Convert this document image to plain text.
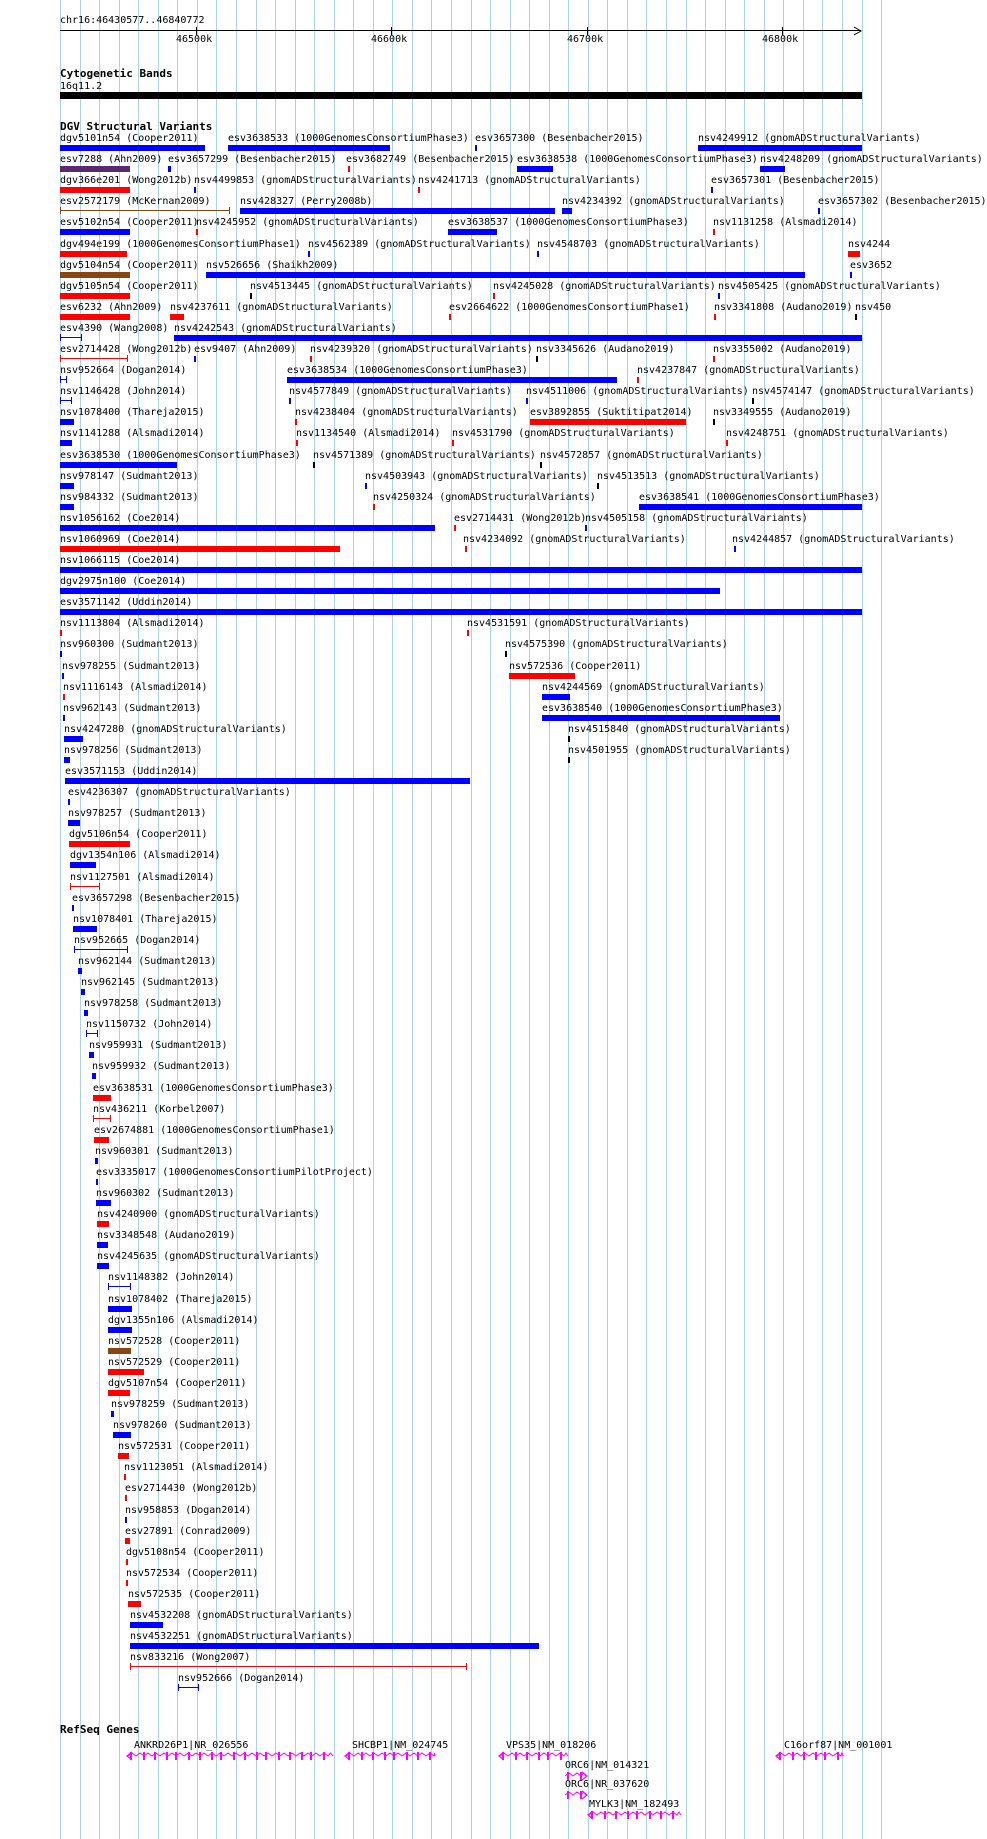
chr16:46430577..46840772
46500k	46600k	46700k	46800k
Cytogenetic Bands
16q11.2
DGV Structural Variants
dgv5101n54 (Cooper2011)	esv3638533 (1000GenomesConsortiumPhase3) esv3657300 (Besenbacher2015)	nsv4249912 (gnomADStructuralVariants)
esv7288 (Ahn2009) esv3657299 (Besenbacher2015) esv3682749 (Besenbacher2015) esv3638538 (1000GenomesConsortiumPhase3) nsv4248209 (gnomADStructuralVariants)
dgv366e201 (Wong2012b) nsv4499853 (gnomADStructuralVariants) nsv4241713 (gnomADStructuralVariants)	esv3657301 (Besenbacher2015)
esv2572179 (McKernan2009)	nsv428327 (Perry2008b)	nsv4234392 (gnomADStructuralVariants)	esv3657302 (Besenbacher2015)
esv5102n54 (Cooper2011)
nsv4245952 (gnomADStructuralVariants)	esv3638537 (1000GenomesConsortiumPhase3) nsv1131258 (Alsmadi2014)
dgv494e199 (1000GenomesConsortiumPhase1) nsv4562389 (gnomADStructuralVariants) nsv4548703 (gnomADStructuralVariants)	nsv4244
dgv5104n54 (Cooper2011) nsv526656 (Shaikh2009)	esv3652
dgv5105n54 (Cooper2011)	nsv4513445 (gnomADStructuralVariants) nsv4245028 (gnomADStructuralVariants) nsv4505425 (gnomADStructuralVariants)
esv6232 (Ahn2009) nsv4237611 (gnomADStructuralVariants)	esv2664622 (1000GenomesConsortiumPhase1) nsv3341808 (Audano2019) nsv450
esv4390 (Wang2008) nsv4242543 (gnomADStructuralVariants)
esv2714428 (Wong2012b) esv9407 (Ahn2009) nsv4239320 (gnomADStructuralVariants) nsv3345626 (Audano2019)	nsv3355002 (Audano2019)
nsv952664 (Dogan2014)	esv3638534 (1000GenomesConsortiumPhase3)	nsv4237847 (gnomADStructuralVariants)
nsv1146428 (John2014)	nsv4577849 (gnomADStructuralVariants) nsv4511006 (gnomADStructuralVariants) nsv4574147 (gnomADStructuralVariants)
nsv1078400 (Thareja2015)	nsv4238404 (gnomADStructuralVariants) esv3892855 (Suktitipat2014) nsv3349555 (Audano2019)
nsv1141288 (Alsmadi2014)	nsv1134540 (Alsmadi2014) nsv4531790 (gnomADStructuralVariants)	nsv4248751 (gnomADStructuralVariants)
esv3638530 (1000GenomesConsortiumPhase3) nsv4571389 (gnomADStructuralVariants) nsv4572857 (gnomADStructuralVariants)
nsv978147 (Sudmant2013)	nsv4503943 (gnomADStructuralVariants) nsv4513513 (gnomADStructuralVariants)
nsv984332 (Sudmant2013)	nsv4250324 (gnomADStructuralVariants)	esv3638541 (1000GenomesConsortiumPhase3)
nsv1056162 (Coe2014)	esv2714431 (Wong2012b)
nsv4505158 (gnomADStructuralVariants)
nsv1060969 (Coe2014)	nsv4234092 (gnomADStructuralVariants)	nsv4244857 (gnomADStructuralVariants)
nsv1066115 (Coe2014)
dgv2975n100 (Coe2014)
esv3571142 (Uddin2014)
nsv1113804 (Alsmadi2014)	nsv4531591 (gnomADStructuralVariants)
nsv960300 (Sudmant2013)	nsv4575390 (gnomADStructuralVariants)
nsv978255 (Sudmant2013)	nsv572536 (Cooper2011)
nsv1116143 (Alsmadi2014)	nsv4244569 (gnomADStructuralVariants)
nsv962143 (Sudmant2013)	esv3638540 (1000GenomesConsortiumPhase3)
nsv4247280 (gnomADStructuralVariants)	nsv4515840 (gnomADStructuralVariants)
nsv978256 (Sudmant2013)	nsv4501955 (gnomADStructuralVariants)
esv3571153 (Uddin2014)
esv4236307 (gnomADStructuralVariants)
nsv978257 (Sudmant2013)
dgv5106n54 (Cooper2011)
dgv1354n106 (Alsmadi2014)
nsv1127501 (Alsmadi2014)
esv3657298 (Besenbacher2015)
nsv1078401 (Thareja2015)
nsv952665 (Dogan2014)
nsv962144 (Sudmant2013)
nsv962145 (Sudmant2013)
nsv978258 (Sudmant2013)
nsv1150732 (John2014)
nsv959931 (Sudmant2013)
nsv959932 (Sudmant2013)
esv3638531 (1000GenomesConsortiumPhase3)
nsv436211 (Korbel2007)
esv2674881 (1000GenomesConsortiumPhase1)
nsv960301 (Sudmant2013)
esv3335017 (1000GenomesConsortiumPilotProject)
nsv960302 (Sudmant2013)
nsv4240900 (gnomADStructuralVariants)
nsv3348548 (Audano2019)
nsv4245635 (gnomADStructuralVariants)
nsv1148382 (John2014)
nsv1078402 (Thareja2015)
dgv1355n106 (Alsmadi2014)
nsv572528 (Cooper2011)
nsv572529 (Cooper2011)
dgv5107n54 (Cooper2011)
nsv978259 (Sudmant2013)
nsv978260 (Sudmant2013)
nsv572531 (Cooper2011)
nsv1123051 (Alsmadi2014)
esv2714430 (Wong2012b)
nsv958853 (Dogan2014)
esv27891 (Conrad2009)
dgv5108n54 (Cooper2011)
nsv572534 (Cooper2011)
nsv572535 (Cooper2011)
nsv4532208 (gnomADStructuralVariants)
nsv4532251 (gnomADStructuralVariants)
nsv833216 (Wong2007)
nsv952666 (Dogan2014)
RefSeq Genes
ANKRD26P1|NR_026556	SHCBP1|NM_024745	VPS35|NM_018206	C16orf87|NM_001001
ORC6|NM_014321
ORC6|NR_037620
MYLK3|NM_182493
